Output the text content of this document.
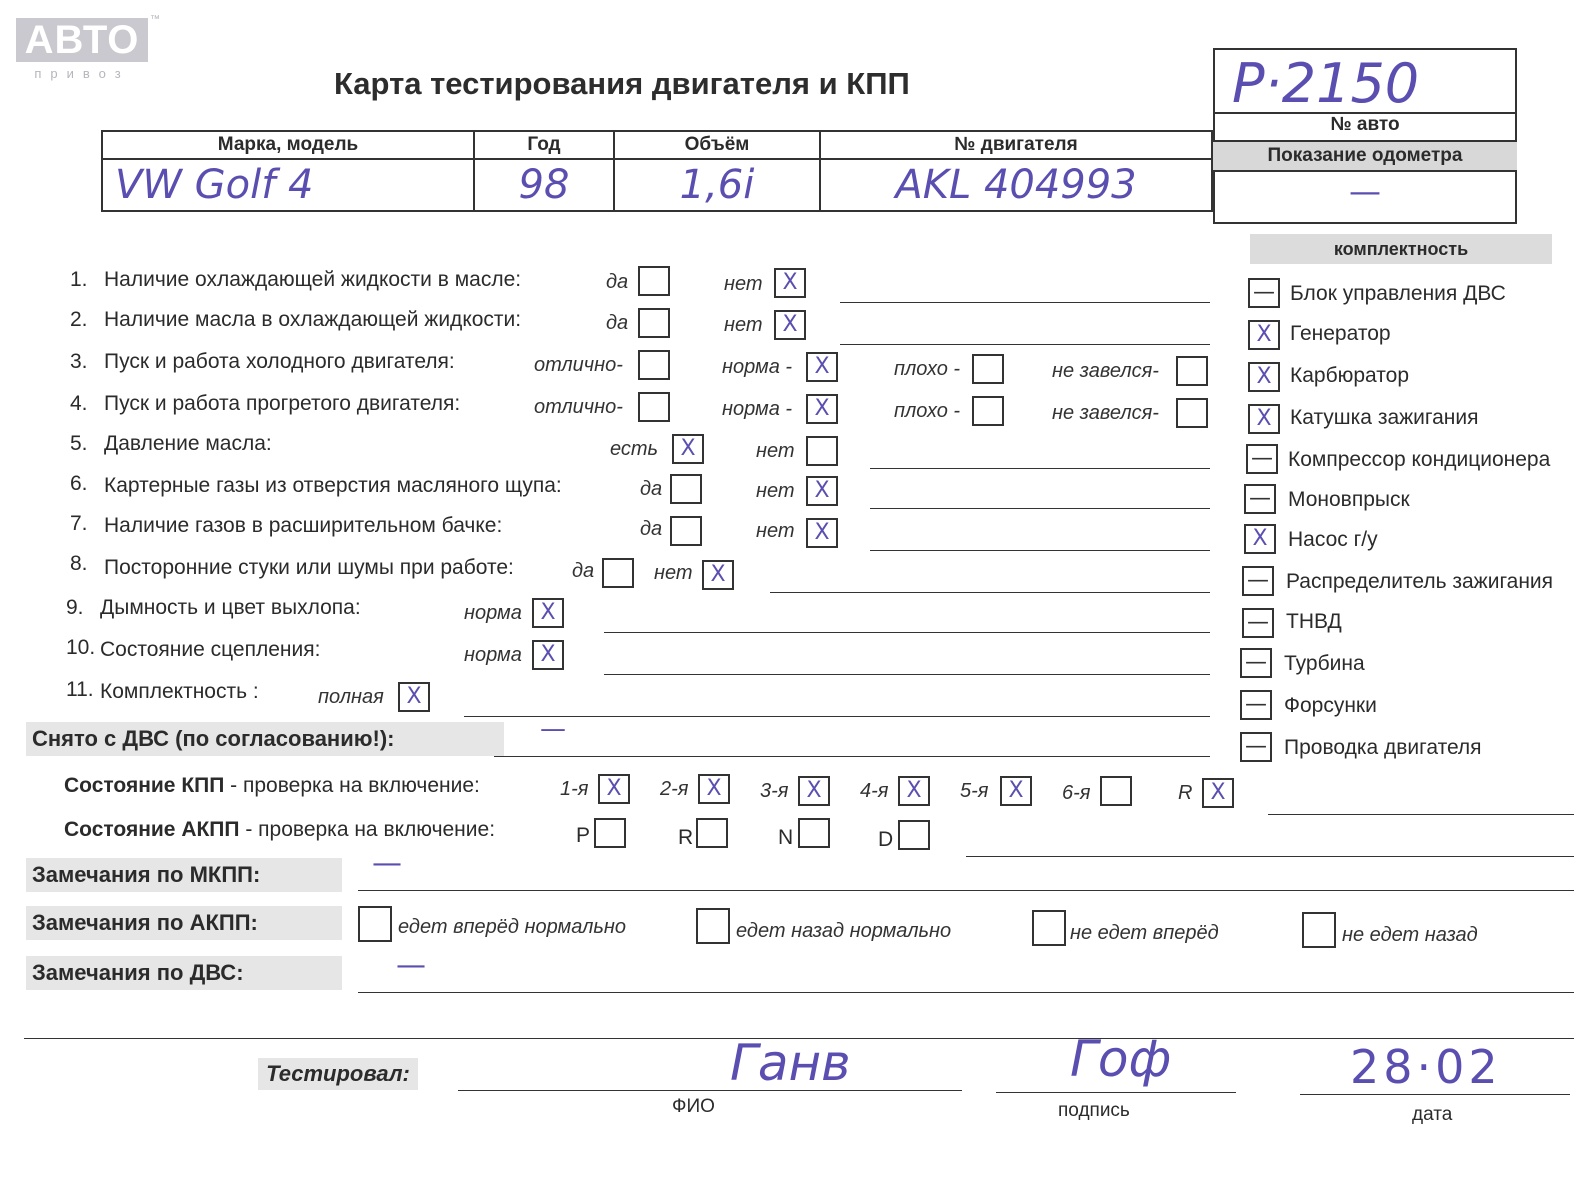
АВТО	™
привоз	Карта тестирования двигателя и КПП	P·2150
№ авто
Показание одометра
—
Марка, модель	Год	Объём	№ двигателя
VW Golf 4	98	1,6i	AKL 404993
1. Наличие охлаждающей жидкости в масле:	да	нет X
2. Наличие масла в охлаждающей жидкости:	да	нет X
3. Пуск и работа холодного двигателя:	отлично-	норма -	X	плохо -	не завелся-
4. Пуск и работа прогретого двигателя:	отлично-	норма -	X	плохо -	не завелся-
5. Давление масла:	есть	X	нет
6. Картерные газы из отверстия масляного щупа:	да	нет X
7. Наличие газов в расширительном бачке:	да	нет X
8. Посторонние стуки или шумы при работе:	да	нет X
9. Дымность и цвет выхлопа:	норма X
10. Состояние сцепления:	норма X
11. Комплектность :	полная	X
комплектность
— Блок управления ДВС
X Генератор
X Карбюратор
X Катушка зажигания
— Компрессор кондиционера
— Моновпрыск
X Насос г/у
— Распределитель зажигания
— ТНВД
— Турбина
— Форсунки
— Проводка двигателя
Снято с ДВС (по согласованию!):	—
Состояние КПП - проверка на включение:	1-я X	2-я X	3-я X	4-я X	5-я X	6-я	R X
Состояние АКПП - проверка на включение:	P	R	N	D
Замечания по МКПП:	—
Замечания по АКПП:	едет вперёд нормально	едет назад нормально	не едет вперёд	не едет назад
Замечания по ДВС:	—
Тестировал:	Ганв
ФИО
Гоф
подпись
28·02
дата
